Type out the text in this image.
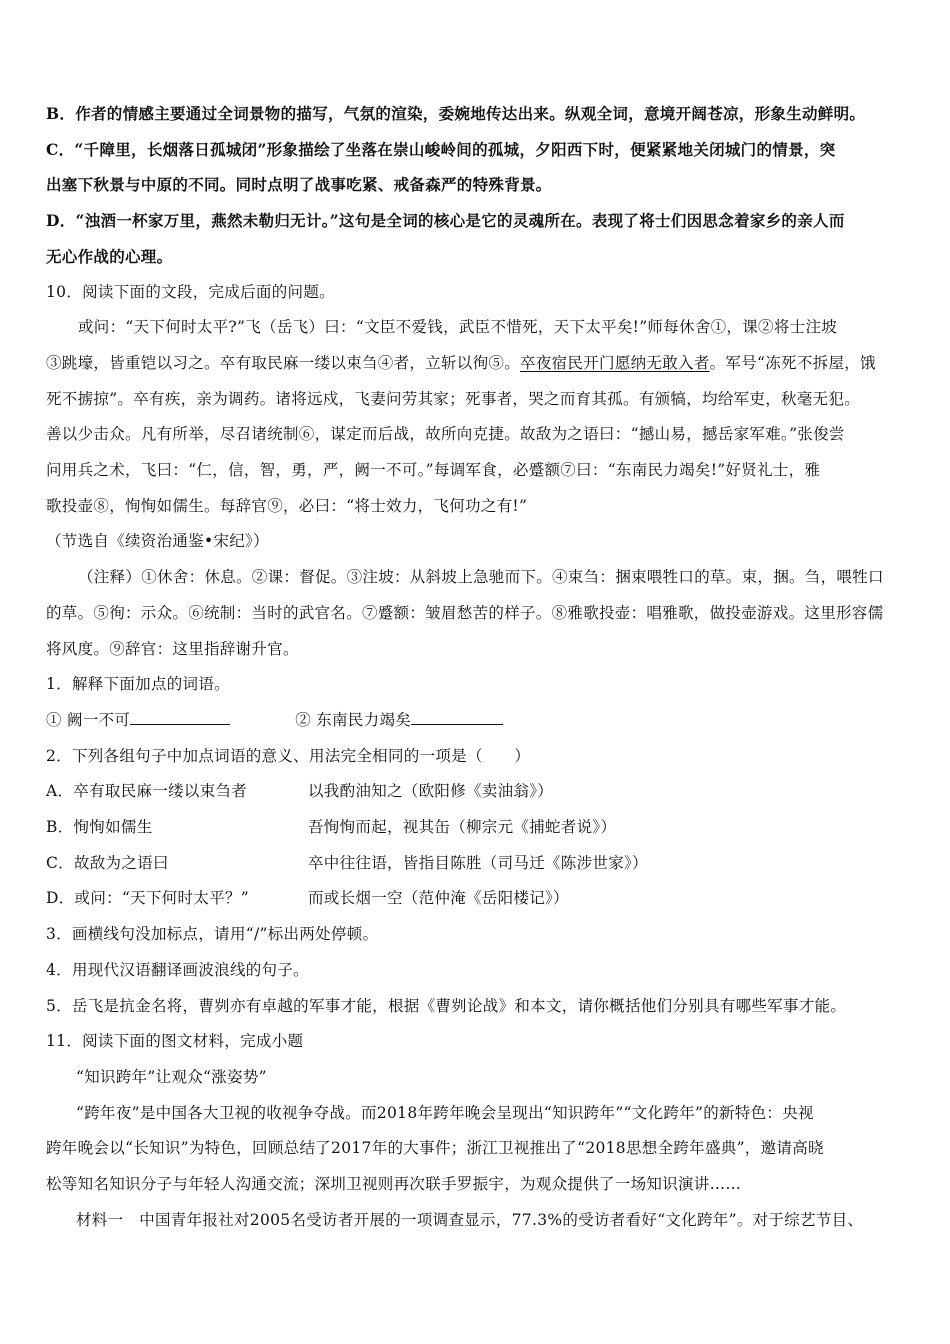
B．作者的情感主要通过全词景物的描写，气氛的渲染，委婉地传达出来。纵观全词，意境开阔苍凉，形象生动鲜明。

C．“千障里，长烟落日孤城闭”形象描绘了坐落在崇山峻岭间的孤城，夕阳西下时，便紧紧地关闭城门的情景，突

出塞下秋景与中原的不同。同时点明了战事吃紧、戒备森严的特殊背景。

D．“浊酒一杯家万里，燕然未勒归无计。”这句是全词的核心是它的灵魂所在。表现了将士们因思念着家乡的亲人而

无心作战的心理。

10．阅读下面的文段，完成后面的问题。

或问：“天下何时太平?”飞（岳飞）曰：“文臣不爱钱，武臣不惜死，天下太平矣!”师每休舍①，课②将士注坡

③跳壕，皆重铠以习之。卒有取民麻一缕以束刍④者，立斩以徇⑤。卒夜宿民开门愿纳无敢入者。军号“冻死不拆屋，饿

死不掳掠”。卒有疾，亲为调药。诸将远戍，飞妻问劳其家；死事者，哭之而育其孤。有颁犒，均给军吏，秋毫无犯。

善以少击众。凡有所举，尽召诸统制⑥，谋定而后战，故所向克捷。故敌为之语曰：“撼山易，撼岳家军难。”张俊尝

问用兵之术，飞曰：“仁，信，智，勇，严，阙一不可。”每调军食，必蹙额⑦曰：“东南民力竭矣!”好贤礼士，雅

歌投壶⑧，恂恂如儒生。每辞官⑨，必曰：“将士效力，飞何功之有!”

（节选自《续资治通鉴•宋纪》）

（注释）①休舍：休息。②课：督促。③注坡：从斜坡上急驰而下。④束刍：捆束喂牲口的草。束，捆。刍，喂牲口

的草。⑤徇：示众。⑥统制：当时的武官名。⑦蹙额：皱眉愁苦的样子。⑧雅歌投壶：唱雅歌，做投壶游戏。这里形容儒

将风度。⑨辞官：这里指辞谢升官。

1．解释下面加点的词语。

① 阙一不可	② 东南民力竭矣

2．下列各组句子中加点词语的意义、用法完全相同的一项是（　　）

A．卒有取民麻一缕以束刍者	以我酌油知之（欧阳修《卖油翁》）
B．恂恂如儒生	吾恂恂而起，视其缶（柳宗元《捕蛇者说》）
C．故敌为之语曰	卒中往往语，皆指目陈胜（司马迁《陈涉世家》）
D．或问：“天下何时太平？”	而或长烟一空（范仲淹《岳阳楼记》）

3．画横线句没加标点，请用“/”标出两处停顿。

4．用现代汉语翻译画波浪线的句子。

5．岳飞是抗金名将，曹刿亦有卓越的军事才能，根据《曹刿论战》和本文，请你概括他们分别具有哪些军事才能。

11．阅读下面的图文材料，完成小题

“知识跨年”让观众“涨姿势”

“跨年夜”是中国各大卫视的收视争夺战。而2018年跨年晚会呈现出“知识跨年”“文化跨年”的新特色：央视

跨年晚会以“长知识”为特色，回顾总结了2017年的大事件；浙江卫视推出了“2018思想全跨年盛典”，邀请高晓

松等知名知识分子与年轻人沟通交流；深圳卫视则再次联手罗振宇，为观众提供了一场知识演讲……

材料一　中国青年报社对2005名受访者开展的一项调查显示，77.3%的受访者看好“文化跨年”。对于综艺节目、
